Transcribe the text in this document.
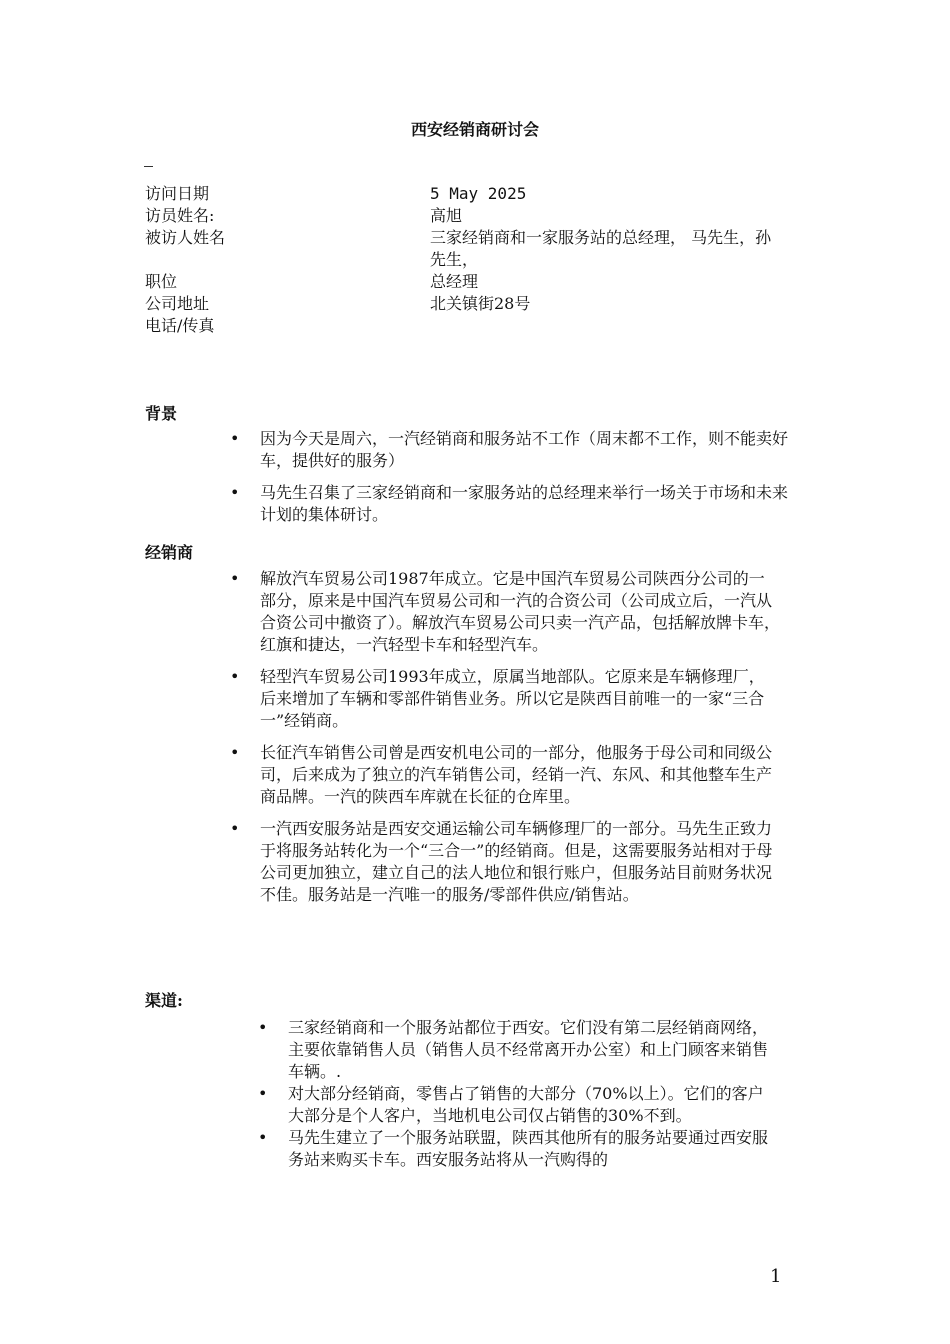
西安经销商研讨会
访问日期	5 May 2025
访员姓名:	高旭
被访人姓名	三家经销商和一家服务站的总经理， 马先生，孙先生，
职位	总经理
公司地址	北关镇街28号
电话/传真
背景
• 因为今天是周六，一汽经销商和服务站不工作（周末都不工作，则不能卖好车，提供好的服务）
• 马先生召集了三家经销商和一家服务站的总经理来举行一场关于市场和未来计划的集体研讨。
经销商
• 解放汽车贸易公司1987年成立。它是中国汽车贸易公司陕西分公司的一部分，原来是中国汽车贸易公司和一汽的合资公司（公司成立后，一汽从合资公司中撤资了）。解放汽车贸易公司只卖一汽产品，包括解放牌卡车，红旗和捷达，一汽轻型卡车和轻型汽车。
• 轻型汽车贸易公司1993年成立，原属当地部队。它原来是车辆修理厂，后来增加了车辆和零部件销售业务。所以它是陕西目前唯一的一家“三合一”经销商。
• 长征汽车销售公司曾是西安机电公司的一部分，他服务于母公司和同级公司，后来成为了独立的汽车销售公司，经销一汽、东风、和其他整车生产商品牌。一汽的陕西车库就在长征的仓库里。
• 一汽西安服务站是西安交通运输公司车辆修理厂的一部分。马先生正致力于将服务站转化为一个“三合一”的经销商。但是，这需要服务站相对于母公司更加独立，建立自己的法人地位和银行账户，但服务站目前财务状况不佳。服务站是一汽唯一的服务/零部件供应/销售站。
渠道:
• 三家经销商和一个服务站都位于西安。它们没有第二层经销商网络，主要依靠销售人员（销售人员不经常离开办公室）和上门顾客来销售车辆。.
• 对大部分经销商，零售占了销售的大部分（70%以上）。它们的客户大部分是个人客户，当地机电公司仅占销售的30%不到。
• 马先生建立了一个服务站联盟，陕西其他所有的服务站要通过西安服务站来购买卡车。西安服务站将从一汽购得的
1
